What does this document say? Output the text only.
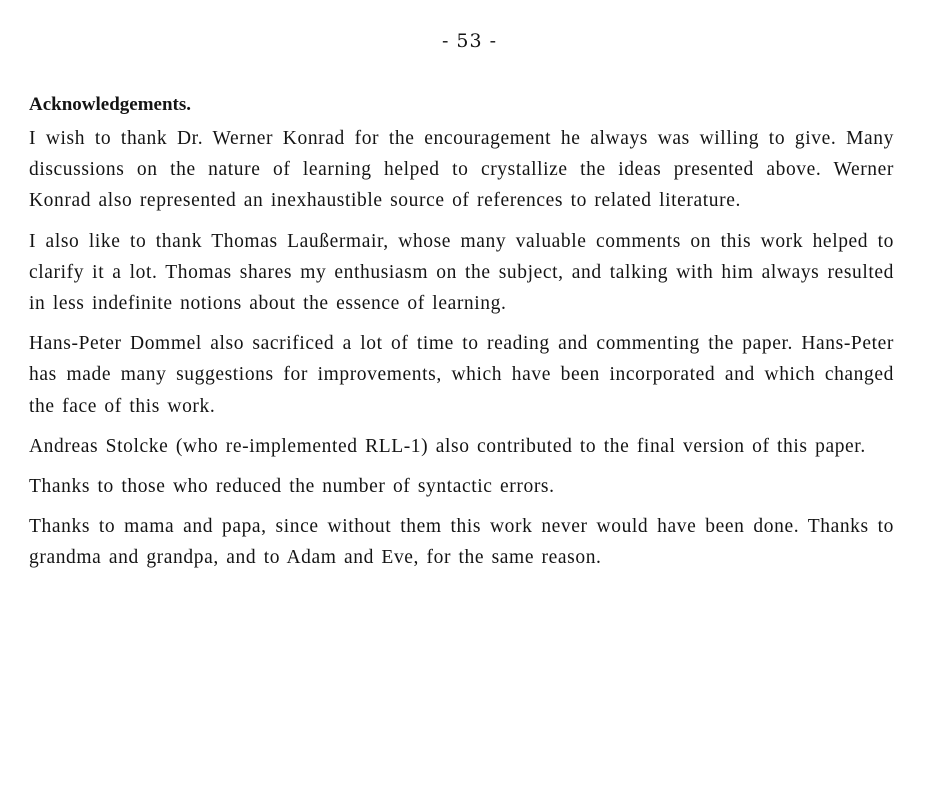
- 53 -
Acknowledgements.

I wish to thank Dr. Werner Konrad for the encouragement he always was willing to give. Many discussions on the nature of learning helped to crystallize the ideas presented above. Werner Konrad also represented an inexhaustible source of references to related literature.

I also like to thank Thomas Laußermair, whose many valuable comments on this work helped to clarify it a lot. Thomas shares my enthusiasm on the subject, and talking with him always resulted in less indefinite notions about the essence of learning.

Hans-Peter Dommel also sacrificed a lot of time to reading and commenting the paper. Hans-Peter has made many suggestions for improvements, which have been incorporated and which changed the face of this work.

Andreas Stolcke (who re-implemented RLL-1) also contributed to the final version of this paper.

Thanks to those who reduced the number of syntactic errors.

Thanks to mama and papa, since without them this work never would have been done. Thanks to grandma and grandpa, and to Adam and Eve, for the same reason.
